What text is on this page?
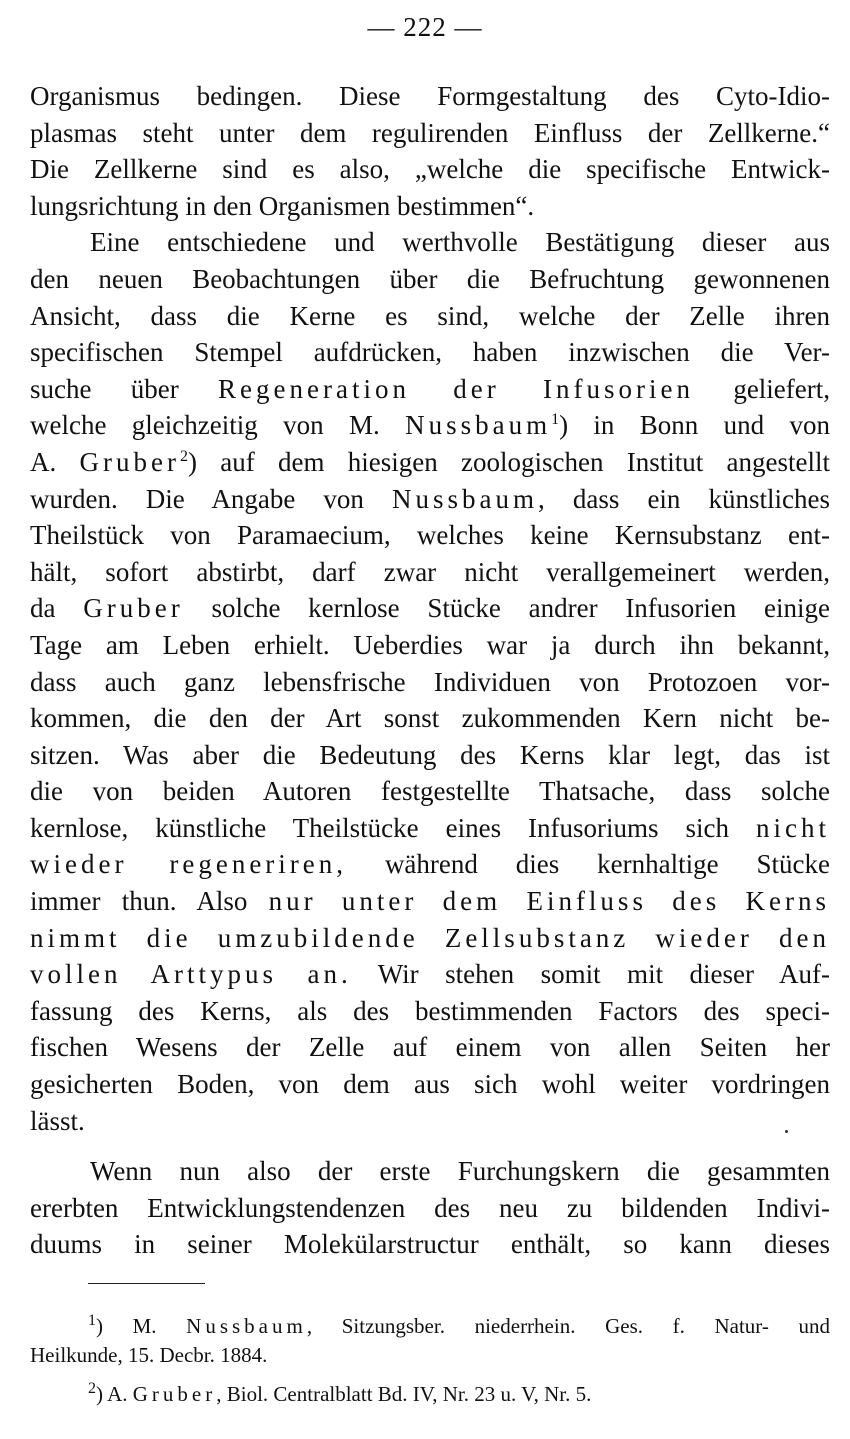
— 222 —
Organismus bedingen. Diese Formgestaltung des Cyto-Idio-
plasmas steht unter dem regulirenden Einfluss der Zellkerne.“
Die Zellkerne sind es also, „welche die specifische Entwick-
lungsrichtung in den Organismen bestimmen“.
Eine entschiedene und werthvolle Bestätigung dieser aus
den neuen Beobachtungen über die Befruchtung gewonnenen
Ansicht, dass die Kerne es sind, welche der Zelle ihren
specifischen Stempel aufdrücken, haben inzwischen die Ver-
suche über Regeneration der Infusorien geliefert,
welche gleichzeitig von M. Nussbaum$^1$) in Bonn und von
A. Gruber$^2$) auf dem hiesigen zoologischen Institut angestellt
wurden. Die Angabe von Nussbaum, dass ein künstliches
Theilstück von Paramaecium, welches keine Kernsubstanz ent-
hält, sofort abstirbt, darf zwar nicht verallgemeinert werden,
da Gruber solche kernlose Stücke andrer Infusorien einige
Tage am Leben erhielt. Ueberdies war ja durch ihn bekannt,
dass auch ganz lebensfrische Individuen von Protozoen vor-
kommen, die den der Art sonst zukommenden Kern nicht be-
sitzen. Was aber die Bedeutung des Kerns klar legt, das ist
die von beiden Autoren festgestellte Thatsache, dass solche
kernlose, künstliche Theilstücke eines Infusoriums sich nicht
wieder regeneriren, während dies kernhaltige Stücke
immer thun. Also nur unter dem Einfluss des Kerns
nimmt die umzubildende Zellsubstanz wieder den
vollen Arttypus an. Wir stehen somit mit dieser Auf-
fassung des Kerns, als des bestimmenden Factors des speci-
fischen Wesens der Zelle auf einem von allen Seiten her
gesicherten Boden, von dem aus sich wohl weiter vordringen
lässt.
Wenn nun also der erste Furchungskern die gesammten
ererbten Entwicklungstendenzen des neu zu bildenden Indivi-
duums in seiner Molekülarstructur enthält, so kann dieses
$^1$) M. Nussbaum, Sitzungsber. niederrhein. Ges. f. Natur- und
Heilkunde, 15. Decbr. 1884.
$^2$) A. Gruber, Biol. Centralblatt Bd. IV, Nr. 23 u. V, Nr. 5.
